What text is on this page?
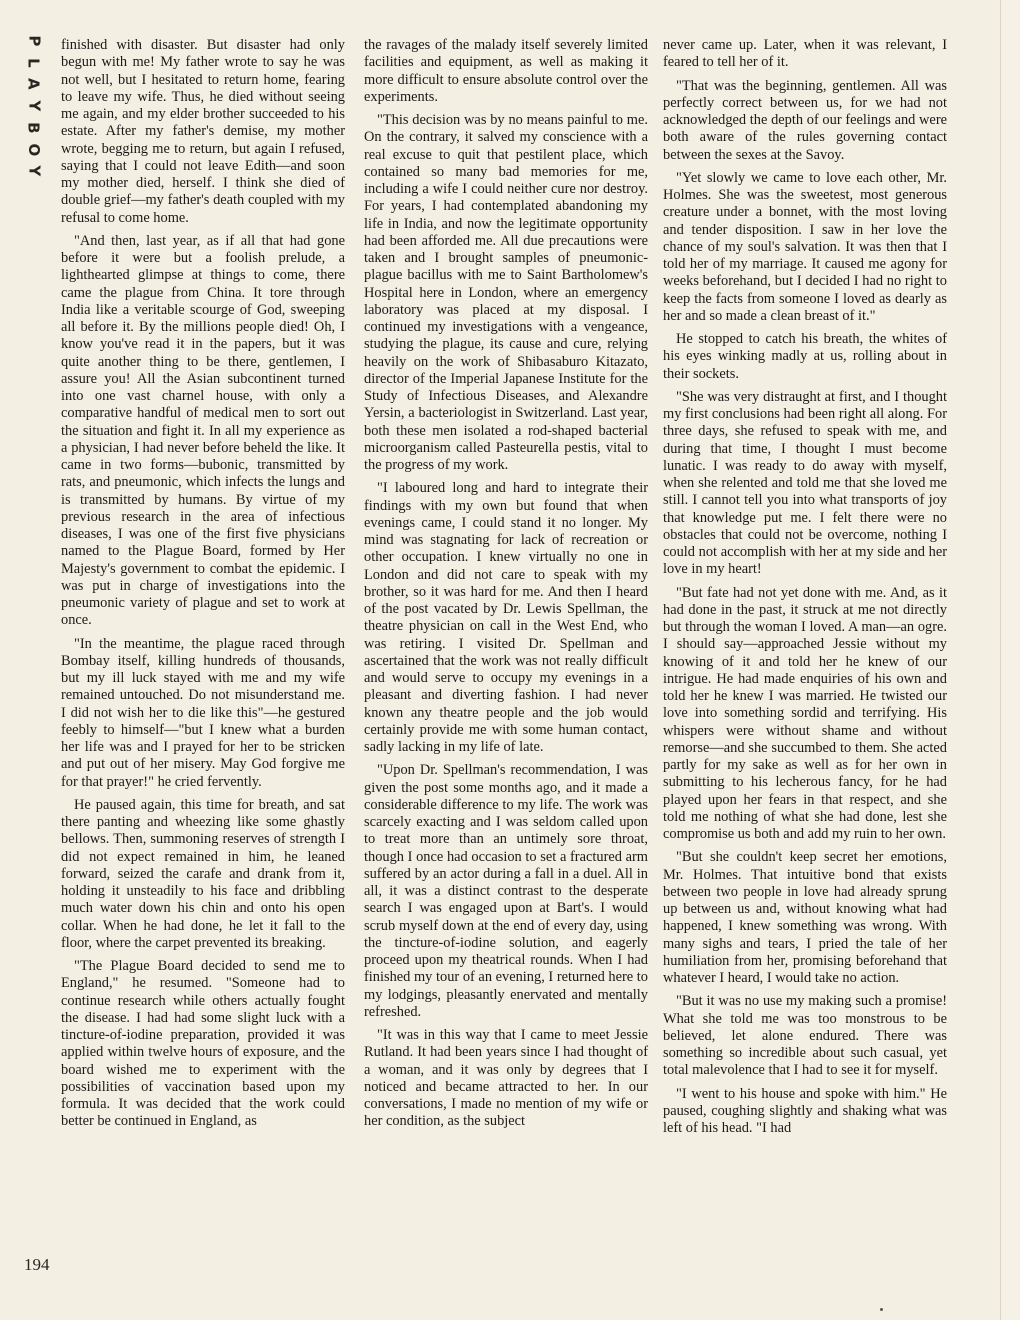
P
L
A
Y
B
O
Y

finished with disaster. But disaster had only begun with me! My father wrote to say he was not well, but I hesitated to return home, fearing to leave my wife. Thus, he died without seeing me again, and my elder brother succeeded to his estate. After my father's demise, my mother wrote, begging me to return, but again I refused, saying that I could not leave Edith—and soon my mother died, herself. I think she died of double grief—my father's death coupled with my refusal to come home.

"And then, last year, as if all that had gone before it were but a foolish prelude, a lighthearted glimpse at things to come, there came the plague from China. It tore through India like a veritable scourge of God, sweeping all before it. By the millions people died! Oh, I know you've read it in the papers, but it was quite another thing to be there, gentlemen, I assure you! All the Asian subcontinent turned into one vast charnel house, with only a comparative handful of medical men to sort out the situation and fight it. In all my experience as a physician, I had never before beheld the like. It came in two forms—bubonic, transmitted by rats, and pneumonic, which infects the lungs and is transmitted by humans. By virtue of my previous research in the area of infectious diseases, I was one of the first five physicians named to the Plague Board, formed by Her Majesty's government to combat the epidemic. I was put in charge of investigations into the pneumonic variety of plague and set to work at once.

"In the meantime, the plague raced through Bombay itself, killing hundreds of thousands, but my ill luck stayed with me and my wife remained untouched. Do not misunderstand me. I did not wish her to die like this"—he gestured feebly to himself—"but I knew what a burden her life was and I prayed for her to be stricken and put out of her misery. May God forgive me for that prayer!" he cried fervently.

He paused again, this time for breath, and sat there panting and wheezing like some ghastly bellows. Then, summoning reserves of strength I did not expect remained in him, he leaned forward, seized the carafe and drank from it, holding it unsteadily to his face and dribbling much water down his chin and onto his open collar. When he had done, he let it fall to the floor, where the carpet prevented its breaking.

"The Plague Board decided to send me to England," he resumed. "Someone had to continue research while others actually fought the disease. I had had some slight luck with a tincture-of-iodine preparation, provided it was applied within twelve hours of exposure, and the board wished me to experiment with the possibilities of vaccination based upon my formula. It was decided that the work could better be continued in England, as

the ravages of the malady itself severely limited facilities and equipment, as well as making it more difficult to ensure absolute control over the experiments.

"This decision was by no means painful to me. On the contrary, it salved my conscience with a real excuse to quit that pestilent place, which contained so many bad memories for me, including a wife I could neither cure nor destroy. For years, I had contemplated abandoning my life in India, and now the legitimate opportunity had been afforded me. All due precautions were taken and I brought samples of pneumonic-plague bacillus with me to Saint Bartholomew's Hospital here in London, where an emergency laboratory was placed at my disposal. I continued my investigations with a vengeance, studying the plague, its cause and cure, relying heavily on the work of Shibasaburo Kitazato, director of the Imperial Japanese Institute for the Study of Infectious Diseases, and Alexandre Yersin, a bacteriologist in Switzerland. Last year, both these men isolated a rod-shaped bacterial microorganism called Pasteurella pestis, vital to the progress of my work.

"I laboured long and hard to integrate their findings with my own but found that when evenings came, I could stand it no longer. My mind was stagnating for lack of recreation or other occupation. I knew virtually no one in London and did not care to speak with my brother, so it was hard for me. And then I heard of the post vacated by Dr. Lewis Spellman, the theatre physician on call in the West End, who was retiring. I visited Dr. Spellman and ascertained that the work was not really difficult and would serve to occupy my evenings in a pleasant and diverting fashion. I had never known any theatre people and the job would certainly provide me with some human contact, sadly lacking in my life of late.

"Upon Dr. Spellman's recommendation, I was given the post some months ago, and it made a considerable difference to my life. The work was scarcely exacting and I was seldom called upon to treat more than an untimely sore throat, though I once had occasion to set a fractured arm suffered by an actor during a fall in a duel. All in all, it was a distinct contrast to the desperate search I was engaged upon at Bart's. I would scrub myself down at the end of every day, using the tincture-of-iodine solution, and eagerly proceed upon my theatrical rounds. When I had finished my tour of an evening, I returned here to my lodgings, pleasantly enervated and mentally refreshed.

"It was in this way that I came to meet Jessie Rutland. It had been years since I had thought of a woman, and it was only by degrees that I noticed and became attracted to her. In our conversations, I made no mention of my wife or her condition, as the subject

never came up. Later, when it was relevant, I feared to tell her of it.

"That was the beginning, gentlemen. All was perfectly correct between us, for we had not acknowledged the depth of our feelings and were both aware of the rules governing contact between the sexes at the Savoy.

"Yet slowly we came to love each other, Mr. Holmes. She was the sweetest, most generous creature under a bonnet, with the most loving and tender disposition. I saw in her love the chance of my soul's salvation. It was then that I told her of my marriage. It caused me agony for weeks beforehand, but I decided I had no right to keep the facts from someone I loved as dearly as her and so made a clean breast of it."

He stopped to catch his breath, the whites of his eyes winking madly at us, rolling about in their sockets.

"She was very distraught at first, and I thought my first conclusions had been right all along. For three days, she refused to speak with me, and during that time, I thought I must become lunatic. I was ready to do away with myself, when she relented and told me that she loved me still. I cannot tell you into what transports of joy that knowledge put me. I felt there were no obstacles that could not be overcome, nothing I could not accomplish with her at my side and her love in my heart!

"But fate had not yet done with me. And, as it had done in the past, it struck at me not directly but through the woman I loved. A man—an ogre. I should say—approached Jessie without my knowing of it and told her he knew of our intrigue. He had made enquiries of his own and told her he knew I was married. He twisted our love into something sordid and terrifying. His whispers were without shame and without remorse—and she succumbed to them. She acted partly for my sake as well as for her own in submitting to his lecherous fancy, for he had played upon her fears in that respect, and she told me nothing of what she had done, lest she compromise us both and add my ruin to her own.

"But she couldn't keep secret her emotions, Mr. Holmes. That intuitive bond that exists between two people in love had already sprung up between us and, without knowing what had happened, I knew something was wrong. With many sighs and tears, I pried the tale of her humiliation from her, promising beforehand that whatever I heard, I would take no action.

"But it was no use my making such a promise! What she told me was too monstrous to be believed, let alone endured. There was something so incredible about such casual, yet total malevolence that I had to see it for myself.

"I went to his house and spoke with him." He paused, coughing slightly and shaking what was left of his head. "I had

194
